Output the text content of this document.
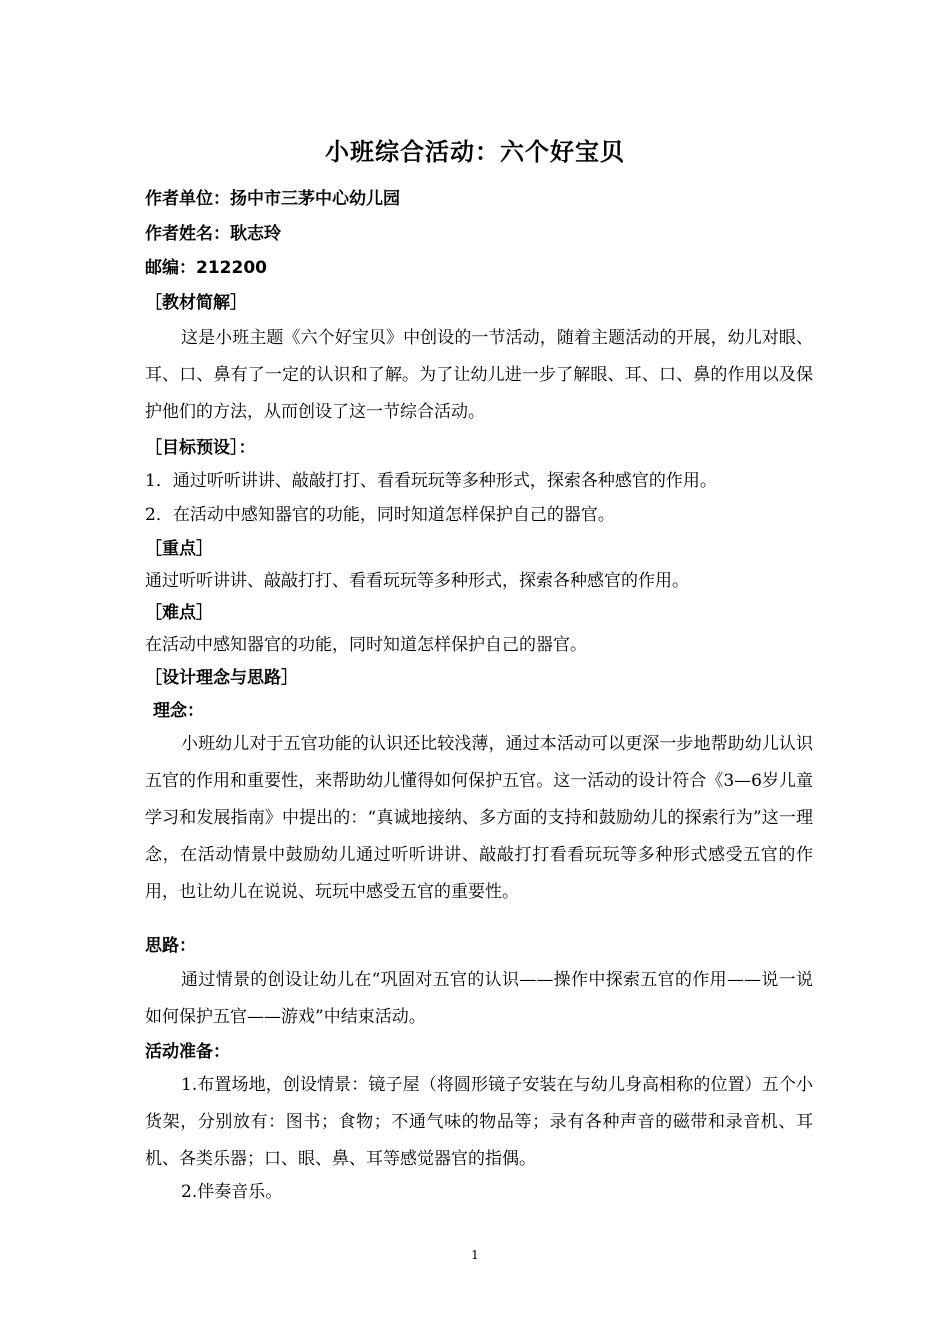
小班综合活动：六个好宝贝

作者单位：扬中市三茅中心幼儿园

作者姓名：耿志玲

邮编：212200

［教材简解］

这是小班主题《六个好宝贝》中创设的一节活动，随着主题活动的开展，幼儿对眼、耳、口、鼻有了一定的认识和了解。为了让幼儿进一步了解眼、耳、口、鼻的作用以及保护他们的方法，从而创设了这一节综合活动。

［目标预设］：

1．通过听听讲讲、敲敲打打、看看玩玩等多种形式，探索各种感官的作用。

2．在活动中感知器官的功能，同时知道怎样保护自己的器官。

［重点］

通过听听讲讲、敲敲打打、看看玩玩等多种形式，探索各种感官的作用。

［难点］

在活动中感知器官的功能，同时知道怎样保护自己的器官。

［设计理念与思路］

理念：

小班幼儿对于五官功能的认识还比较浅薄，通过本活动可以更深一步地帮助幼儿认识五官的作用和重要性，来帮助幼儿懂得如何保护五官。这一活动的设计符合《3—6岁儿童学习和发展指南》中提出的：“真诚地接纳、多方面的支持和鼓励幼儿的探索行为”这一理念，在活动情景中鼓励幼儿通过听听讲讲、敲敲打打看看玩玩等多种形式感受五官的作用，也让幼儿在说说、玩玩中感受五官的重要性。

思路：

通过情景的创设让幼儿在“巩固对五官的认识——操作中探索五官的作用——说一说如何保护五官——游戏”中结束活动。

活动准备：

1.布置场地，创设情景：镜子屋（将圆形镜子安装在与幼儿身高相称的位置）五个小货架，分别放有：图书；食物；不通气味的物品等；录有各种声音的磁带和录音机、耳机、各类乐器；口、眼、鼻、耳等感觉器官的指偶。

2.伴奏音乐。

1
